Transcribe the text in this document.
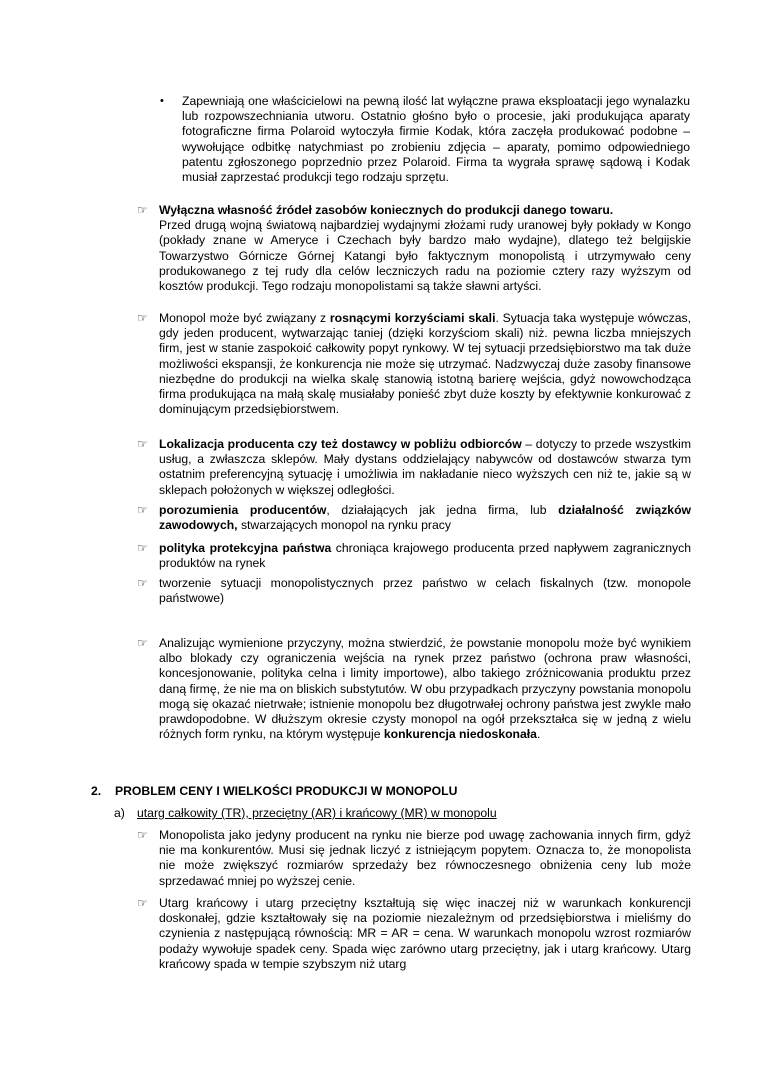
• Zapewniają one właścicielowi na pewną ilość lat wyłączne prawa eksploatacji jego wynalazku lub rozpowszechniania utworu. Ostatnio głośno było o procesie, jaki produkująca aparaty fotograficzne firma Polaroid wytoczyła firmie Kodak, która zaczęła produkować podobne – wywołujące odbitkę natychmiast po zrobieniu zdjęcia – aparaty, pomimo odpowiedniego patentu zgłoszonego poprzednio przez Polaroid. Firma ta wygrała sprawę sądową i Kodak musiał zaprzestać produkcji tego rodzaju sprzętu.

☞ Wyłączna własność źródeł zasobów koniecznych do produkcji danego towaru.
Przed drugą wojną światową najbardziej wydajnymi złożami rudy uranowej były pokłady w Kongo (pokłady znane w Ameryce i Czechach były bardzo mało wydajne), dlatego też belgijskie Towarzystwo Górnicze Górnej Katangi było faktycznym monopolistą i utrzymywało ceny produkowanego z tej rudy dla celów leczniczych radu na poziomie cztery razy wyższym od kosztów produkcji. Tego rodzaju monopolistami są także sławni artyści.

☞ Monopol może być związany z rosnącymi korzyściami skali. Sytuacja taka występuje wówczas, gdy jeden producent, wytwarzając taniej (dzięki korzyściom skali) niż. pewna liczba mniejszych firm, jest w stanie zaspokoić całkowity popyt rynkowy. W tej sytuacji przedsiębiorstwo ma tak duże możliwości ekspansji, że konkurencja nie może się utrzymać. Nadzwyczaj duże zasoby finansowe niezbędne do produkcji na wielka skalę stanowią istotną barierę wejścia, gdyż nowowchodząca firma produkująca na małą skalę musiałaby ponieść zbyt duże koszty by efektywnie konkurować z dominującym przedsiębiorstwem.

☞ Lokalizacja producenta czy też dostawcy w pobliżu odbiorców – dotyczy to przede wszystkim usług, a zwłaszcza sklepów. Mały dystans oddzielający nabywców od dostawców stwarza tym ostatnim preferencyjną sytuację i umożliwia im nakładanie nieco wyższych cen niż te, jakie są w sklepach położonych w większej odległości.

☞ porozumienia producentów, działających jak jedna firma, lub działalność związków zawodowych, stwarzających monopol na rynku pracy

☞ polityka protekcyjna państwa chroniąca krajowego producenta przed napływem zagranicznych produktów na rynek

☞ tworzenie sytuacji monopolistycznych przez państwo w celach fiskalnych (tzw. monopole państwowe)

☞ Analizując wymienione przyczyny, można stwierdzić, że powstanie monopolu może być wynikiem albo blokady czy ograniczenia wejścia na rynek przez państwo (ochrona praw własności, koncesjonowanie, polityka celna i limity importowe), albo takiego zróżnicowania produktu przez daną firmę, że nie ma on bliskich substytutów. W obu przypadkach przyczyny powstania monopolu mogą się okazać nietrwałe; istnienie monopolu bez długotrwałej ochrony państwa jest zwykle mało prawdopodobne. W dłuższym okresie czysty monopol na ogół przekształca się w jedną z wielu różnych form rynku, na którym występuje konkurencja niedoskonała.

2. PROBLEM CENY I WIELKOŚCI PRODUKCJI W MONOPOLU
a) utarg całkowity (TR), przeciętny (AR) i krańcowy (MR) w monopolu
☞ Monopolista jako jedyny producent na rynku nie bierze pod uwagę zachowania innych firm, gdyż nie ma konkurentów. Musi się jednak liczyć z istniejącym popytem. Oznacza to, że monopolista nie może zwiększyć rozmiarów sprzedaży bez równoczesnego obniżenia ceny lub może sprzedawać mniej po wyższej cenie.

☞ Utarg krańcowy i utarg przeciętny kształtują się więc inaczej niż w warunkach konkurencji doskonałej, gdzie kształtowały się na poziomie niezależnym od przedsiębiorstwa i mieliśmy do czynienia z następującą równością: MR = AR = cena. W warunkach monopolu wzrost rozmiarów podaży wywołuje spadek ceny. Spada więc zarówno utarg przeciętny, jak i utarg krańcowy. Utarg krańcowy spada w tempie szybszym niż utarg
